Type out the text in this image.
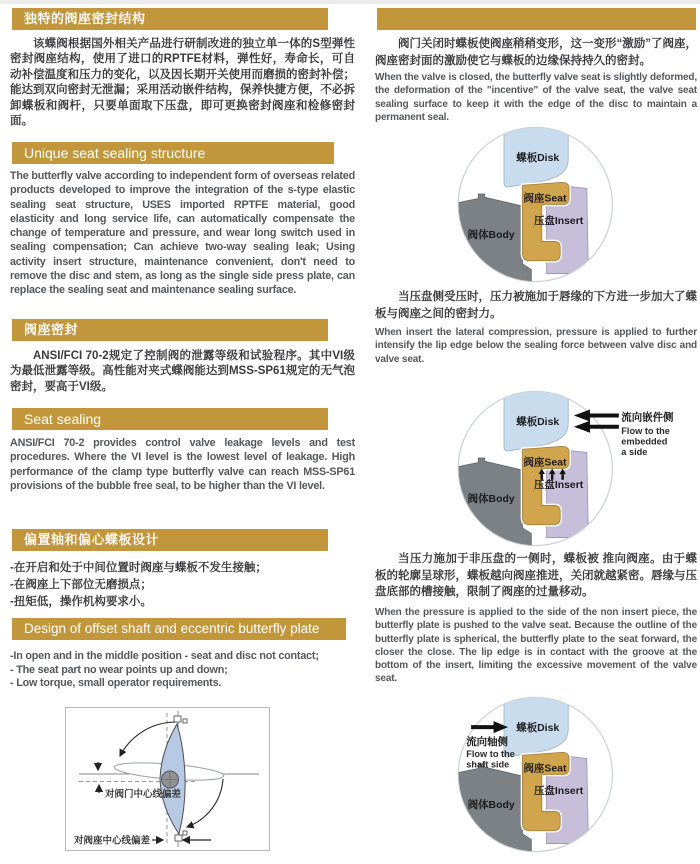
独特的阀座密封结构
该蝶阀根据国外相关产品进行研制改进的独立单一体的S型弹性密封阀座结构，使用了进口的RPTFE材料，弹性好，寿命长，可自动补偿温度和压力的变化，以及因长期开关使用而磨损的密封补偿；能达到双向密封无泄漏；采用活动嵌件结构，保养快捷方便，不必拆卸蝶板和阀杆，只要单面取下压盘，即可更换密封阀座和检修密封面。
Unique seat sealing structure
The butterfly valve according to independent form of overseas related products developed to improve the integration of the s-type elastic sealing seat structure, USES imported RPTFE material, good elasticity and long service life, can automatically compensate the change of temperature and pressure, and wear long switch used in sealing compensation; Can achieve two-way sealing leak; Using activity insert structure, maintenance convenient, don't need to remove the disc and stem, as long as the single side press plate, can replace the sealing seat and maintenance sealing surface.
阀座密封
ANSI/FCI 70-2规定了控制阀的泄露等级和试验程序。其中VI级为最低泄露等级。高性能对夹式蝶阀能达到MSS-SP61规定的无气泡密封，要高于VI级。
Seat sealing
ANSI/FCI 70-2 provides control valve leakage levels and test procedures. Where the VI level is the lowest level of leakage. High performance of the clamp type butterfly valve can reach MSS-SP61 provisions of the bubble free seal, to be higher than the VI level.
偏置轴和偏心蝶板设计
-在开启和处于中间位置时阀座与蝶板不发生接触；
-在阀座上下部位无磨损点；
-扭矩低，操作机构要求小。
Design of offset shaft and eccentric butterfly plate
-In open and in the middle position - seat and disc not contact;
- The seat part no wear points up and down;
- Low torque, small operator requirements.
对阀门中心线偏差
对阀座中心线偏差
阀门关闭时蝶板使阀座稍稍变形，这一变形“激励”了阀座，阀座密封面的激励使它与蝶板的边缘保持持久的密封。
When the valve is closed, the butterfly valve seat is slightly deformed, the deformation of the "incentive" of the valve seat, the valve seat sealing surface to keep it with the edge of the disc to maintain a permanent seal.
蝶板Disk
阀座Seat
压盘Insert
阀体Body
当压盘侧受压时，压力被施加于唇缘的下方进一步加大了蝶板与阀座之间的密封力。
When insert the lateral compression, pressure is applied to further intensify the lip edge below the sealing force between valve disc and valve seat.
流向嵌件侧
Flow to the
embedded
a side
当压力施加于非压盘的一侧时，蝶板被 推向阀座。由于蝶板的轮廓呈球形，蝶板越向阀座推进，关闭就越紧密。唇缘与压盘底部的槽接触，限制了阀座的过量移动。
When the pressure is applied to the side of the non insert piece, the butterfly plate is pushed to the valve seat. Because the outline of the butterfly plate is spherical, the butterfly plate to the seat forward, the closer the close. The lip edge is in contact with the groove at the bottom of the insert, limiting the excessive movement of the valve seat.
流向轴侧
Flow to the
shaft side
